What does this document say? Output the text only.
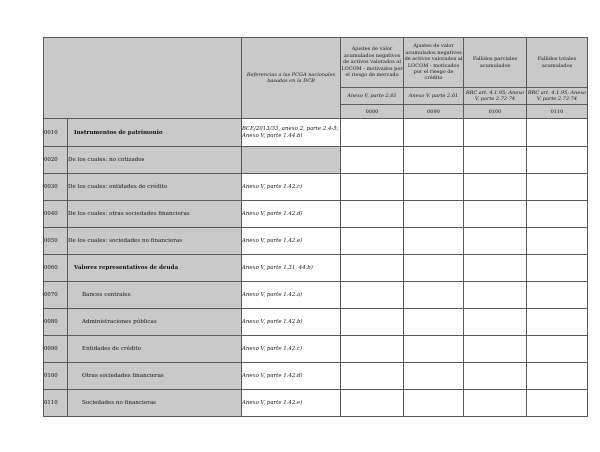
		Referencias a las PCGA nacionales basadas en la DCB	Ajustes de valor acumulados negativos de activos valorados al LOCOM - motivados por el riesgo de mercado	Ajustes de valor acumulados negativos de activos valorados al LOCOM - motivados por el riesgo de crédito	Fallidos parciales acumulados	Fallidos totales acumulados
			Anexo V, parte 2.61	Anexo V, parte 2.61	RRC art. 4.1.95; Anexo V, parte 2.72-74	RRC art. 4.1.95; Anexo V, parte 2.72-74
			0080	0090	0100	0110
0010	Instrumentos de patrimonio	BCE/2013/33, anexo 2, parte 2.4-5; Anexo V, parte 1.44.b)				
0020	De los cuales: no cotizados					
0030	De los cuales: entidades de crédito	Anexo V, parte 1.42.c)				
0040	De los cuales: otras sociedades financieras	Anexo V, parte 1.42.d)				
0050	De los cuales: sociedades no financieras	Anexo V, parte 1.42.e)				
0060	Valores representativos de deuda	Anexo V, parte 1.31, 44.b)				
0070	Bancos centrales	Anexo V, parte 1.42.a)				
0080	Administraciones públicas	Anexo V, parte 1.42.b)				
0090	Entidades de crédito	Anexo V, parte 1.42.c)				
0100	Otras sociedades financieras	Anexo V, parte 1.42.d)				
0110	Sociedades no financieras	Anexo V, parte 1.42.e)				
